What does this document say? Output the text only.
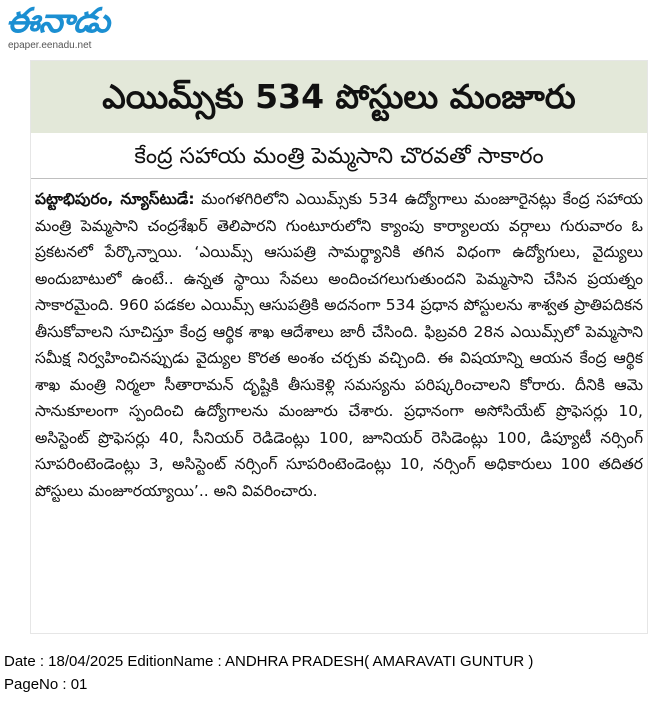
ఈనాడు
epaper.eenadu.net
ఎయిమ్స్‌కు 534 పోస్టులు మంజూరు
కేంద్ర సహాయ మంత్రి పెమ్మసాని చొరవతో సాకారం
పట్టాభిపురం, న్యూస్‌టుడే: మంగళగిరిలోని ఎయిమ్స్‌కు 534 ఉద్యోగాలు మంజూరైనట్లు కేంద్ర సహాయ మంత్రి పెమ్మసాని చంద్రశేఖర్ తెలిపారని గుంటూరులోని క్యాంపు కార్యాలయ వర్గాలు గురువారం ఓ ప్రకటనలో పేర్కొన్నాయి. ‘ఎయిమ్స్ ఆసుపత్రి సామర్థ్యానికి తగిన విధంగా ఉద్యోగులు, వైద్యులు అందుబాటులో ఉంటే.. ఉన్నత స్థాయి సేవలు అందించగలుగుతుందని పెమ్మసాని చేసిన ప్రయత్నం సాకారమైంది. 960 పడకల ఎయిమ్స్ ఆసుపత్రికి అదనంగా 534 ప్రధాన పోస్టులను శాశ్వత ప్రాతిపదికన తీసుకోవాలని సూచిస్తూ కేంద్ర ఆర్థిక శాఖ ఆదేశాలు జారీ చేసింది. ఫిబ్రవరి 28న ఎయిమ్స్‌లో పెమ్మసాని సమీక్ష నిర్వహించినప్పుడు వైద్యుల కొరత అంశం చర్చకు వచ్చింది. ఈ విషయాన్ని ఆయన కేంద్ర ఆర్థిక శాఖ మంత్రి నిర్మలా సీతారామన్ దృష్టికి తీసుకెళ్లి సమస్యను పరిష్కరించాలని కోరారు. దీనికి ఆమె సానుకూలంగా స్పందించి ఉద్యోగాలను మంజూరు చేశారు. ప్రధానంగా అసోసియేట్ ప్రొఫెసర్లు 10, అసిస్టెంట్ ప్రొఫెసర్లు 40, సీనియర్ రెడిడెంట్లు 100, జూనియర్ రెసిడెంట్లు 100, డిప్యూటీ నర్సింగ్ సూపరింటెండెంట్లు 3, అసిస్టెంట్ నర్సింగ్ సూపరింటెండెంట్లు 10, నర్సింగ్ అధికారులు 100 తదితర పోస్టులు మంజూరయ్యాయి’.. అని వివరించారు.
Date : 18/04/2025 EditionName : ANDHRA PRADESH( AMARAVATI GUNTUR )
PageNo : 01
